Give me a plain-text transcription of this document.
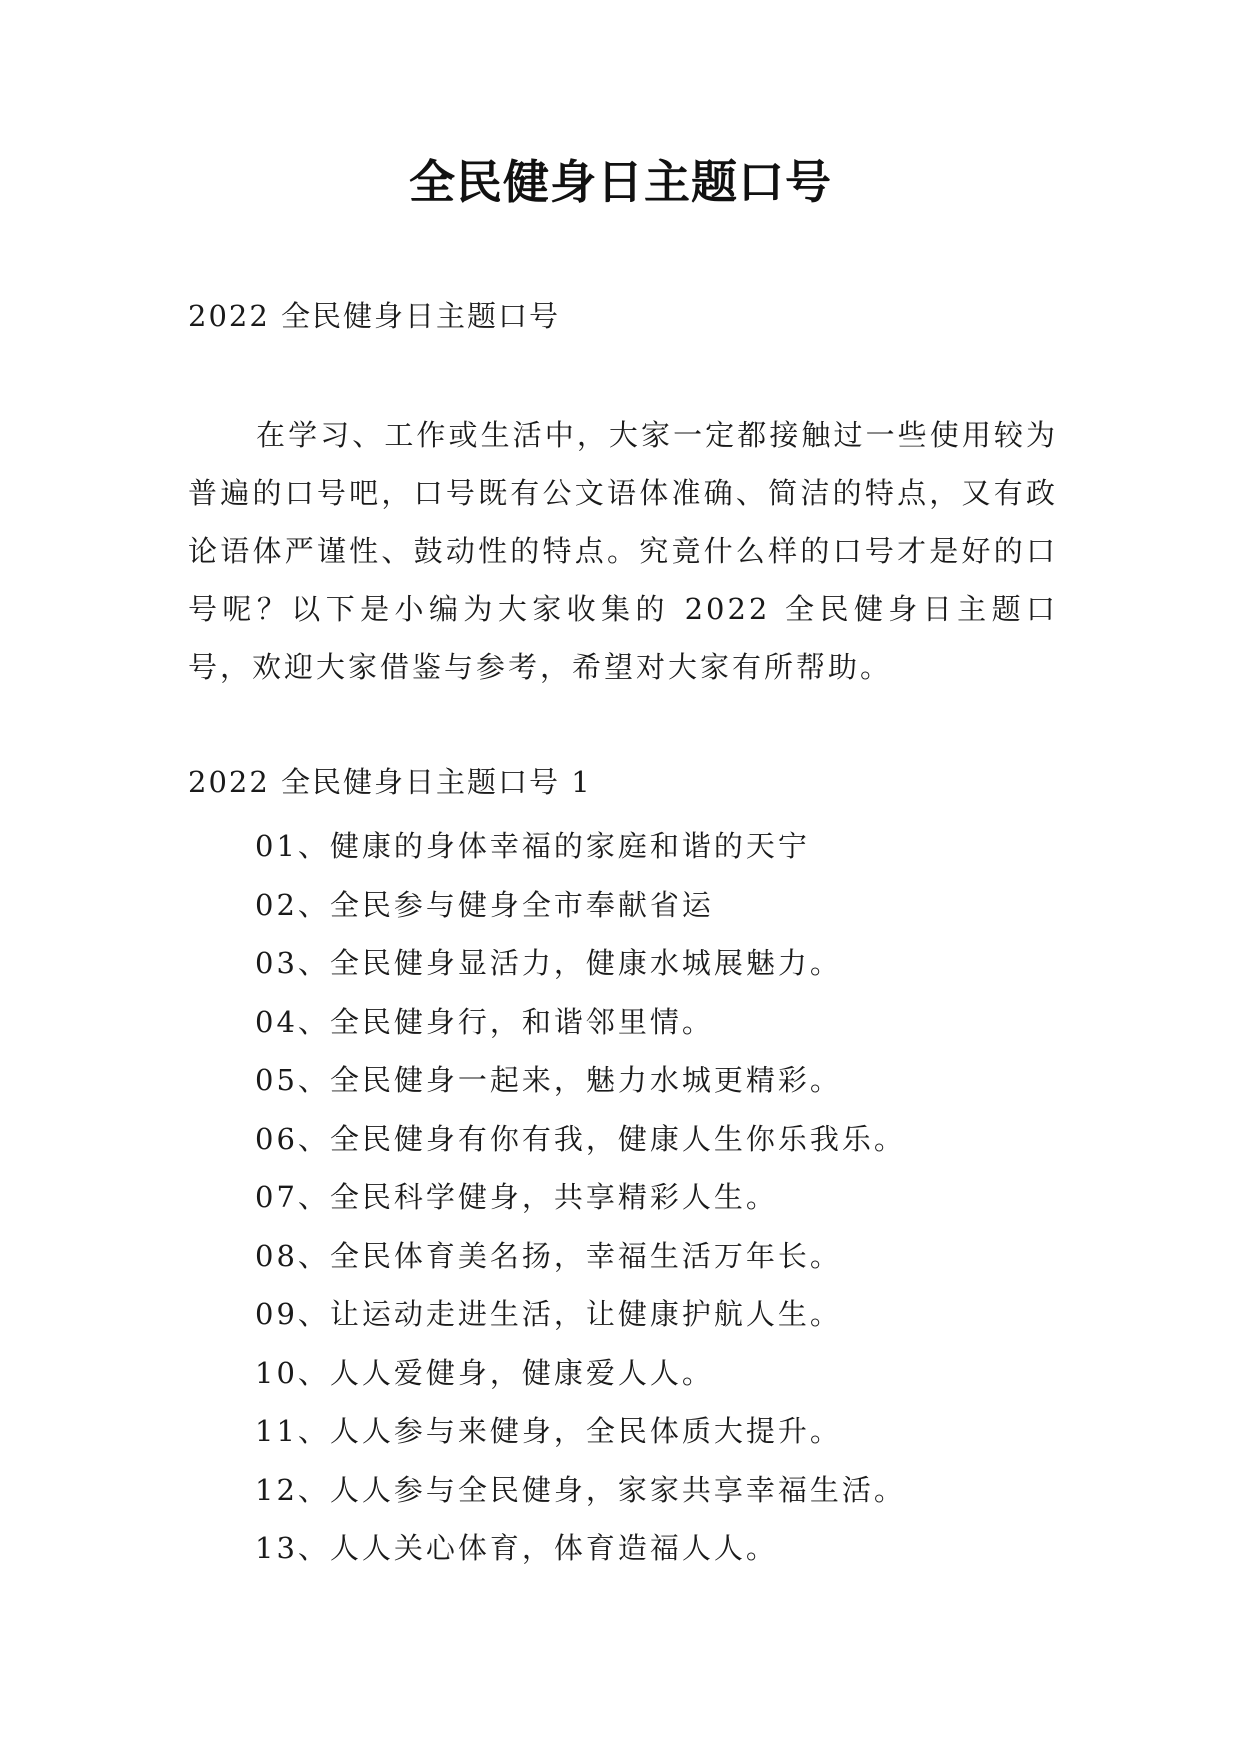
全民健身日主题口号
2022 全民健身日主题口号

在学习、工作或生活中，大家一定都接触过一些使用较为普遍的口号吧，口号既有公文语体准确、简洁的特点，又有政论语体严谨性、鼓动性的特点。究竟什么样的口号才是好的口号呢？以下是小编为大家收集的 2022 全民健身日主题口号，欢迎大家借鉴与参考，希望对大家有所帮助。

2022 全民健身日主题口号 1
01、健康的身体幸福的家庭和谐的天宁
02、全民参与健身全市奉献省运
03、全民健身显活力，健康水城展魅力。
04、全民健身行，和谐邻里情。
05、全民健身一起来，魅力水城更精彩。
06、全民健身有你有我，健康人生你乐我乐。
07、全民科学健身，共享精彩人生。
08、全民体育美名扬，幸福生活万年长。
09、让运动走进生活，让健康护航人生。
10、人人爱健身，健康爱人人。
11、人人参与来健身，全民体质大提升。
12、人人参与全民健身，家家共享幸福生活。
13、人人关心体育，体育造福人人。
